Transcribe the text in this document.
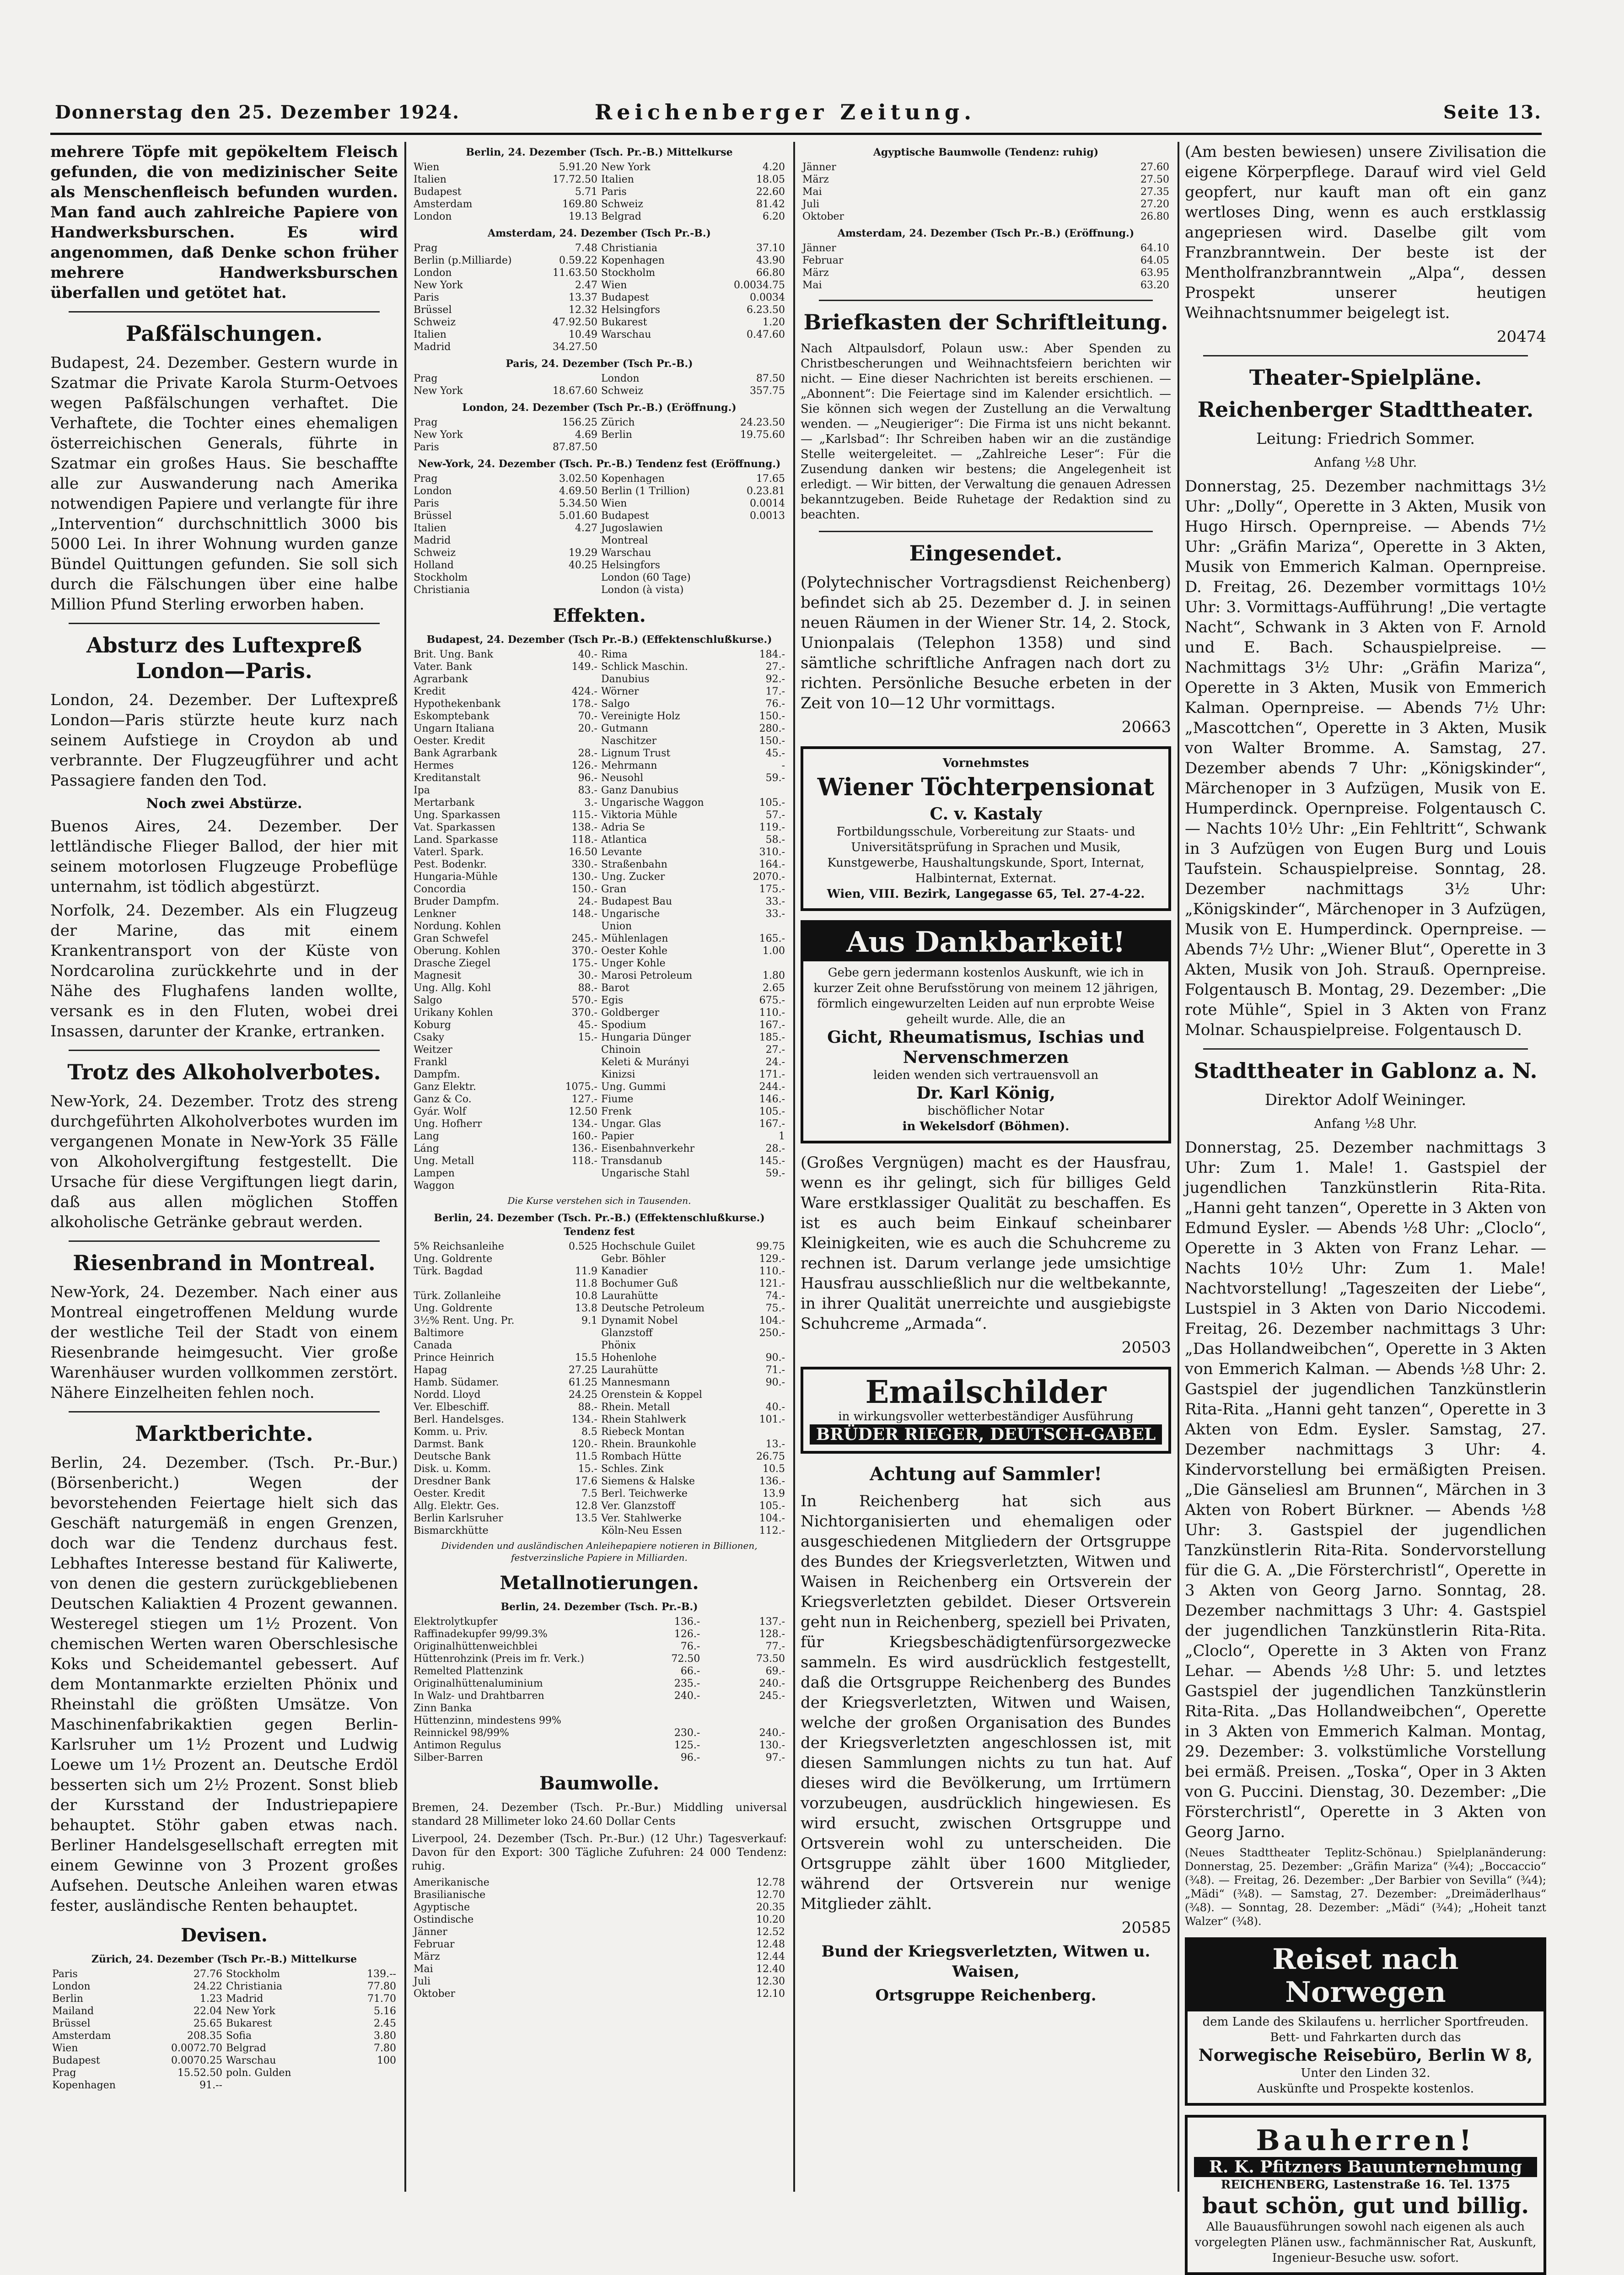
Donnerstag den 25. Dezember 1924.	Reichenberger Zeitung.	Seite 13.

mehrere Töpfe mit gepökeltem Fleisch gefunden, die von medizinischer Seite als Menschenfleisch befunden wurden. Man fand auch zahlreiche Papiere von Handwerksburschen. Es wird angenommen, daß Denke schon früher mehrere Handwerksburschen überfallen und getötet hat.

Paßfälschungen.

Budapest, 24. Dezember. Gestern wurde in Szatmar die Private Karola Sturm-Oetvoes wegen Paßfälschungen verhaftet. Die Verhaftete, die Tochter eines ehemaligen österreichischen Generals, führte in Szatmar ein großes Haus. Sie beschaffte alle zur Auswanderung nach Amerika notwendigen Papiere und verlangte für ihre „Intervention“ durchschnittlich 3000 bis 5000 Lei. In ihrer Wohnung wurden ganze Bündel Quittungen gefunden. Sie soll sich durch die Fälschungen über eine halbe Million Pfund Sterling erworben haben.

Absturz des Luftexpreß London—Paris.

London, 24. Dezember. Der Luftexpreß London—Paris stürzte heute kurz nach seinem Aufstiege in Croydon ab und verbrannte. Der Flugzeugführer und acht Passagiere fanden den Tod.

Noch zwei Abstürze.

Buenos Aires, 24. Dezember. Der lettländische Flieger Ballod, der hier mit seinem motorlosen Flugzeuge Probeflüge unternahm, ist tödlich abgestürzt.

Norfolk, 24. Dezember. Als ein Flugzeug der Marine, das mit einem Krankentransport von der Küste von Nordcarolina zurückkehrte und in der Nähe des Flughafens landen wollte, versank es in den Fluten, wobei drei Insassen, darunter der Kranke, ertranken.

Trotz des Alkoholverbotes.

New-York, 24. Dezember. Trotz des streng durchgeführten Alkoholverbotes wurden im vergangenen Monate in New-York 35 Fälle von Alkoholvergiftung festgestellt. Die Ursache für diese Vergiftungen liegt darin, daß aus allen möglichen Stoffen alkoholische Getränke gebraut werden.

Riesenbrand in Montreal.

New-York, 24. Dezember. Nach einer aus Montreal eingetroffenen Meldung wurde der westliche Teil der Stadt von einem Riesenbrande heimgesucht. Vier große Warenhäuser wurden vollkommen zerstört. Nähere Einzelheiten fehlen noch.

Marktberichte.

Berlin, 24. Dezember. (Tsch. Pr.-Bur.) (Börsenbericht.) Wegen der bevorstehenden Feiertage hielt sich das Geschäft naturgemäß in engen Grenzen, doch war die Tendenz durchaus fest. Lebhaftes Interesse bestand für Kaliwerte, von denen die gestern zurückgebliebenen Deutschen Kaliaktien 4 Prozent gewannen. Westeregel stiegen um 1½ Prozent. Von chemischen Werten waren Oberschlesische Koks und Scheidemantel gebessert. Auf dem Montanmarkte erzielten Phönix und Rheinstahl die größten Umsätze. Von Maschinenfabrikaktien gegen Berlin-Karlsruher um 1½ Prozent und Ludwig Loewe um 1½ Prozent an. Deutsche Erdöl besserten sich um 2½ Prozent. Sonst blieb der Kursstand der Industriepapiere behauptet. Stöhr gaben etwas nach. Berliner Handelsgesellschaft erregten mit einem Gewinne von 3 Prozent großes Aufsehen. Deutsche Anleihen waren etwas fester, ausländische Renten behauptet.

Devisen.
Zürich, 24. Dezember (Tsch Pr.-B.) Mittelkurse
Paris	27.76	Stockholm	139.--
London	24.22	Christiania	77.80
Berlin	1.23	Madrid	71.70
Mailand	22.04	New York	5.16
Brüssel	25.65	Bukarest	2.45
Amsterdam	208.35	Sofia	3.80
Wien	0.0072.70	Belgrad	7.80
Budapest	0.0070.25	Warschau	100
Prag	15.52.50	poln. Gulden	
Kopenhagen	91.--		
Berlin, 24. Dezember (Tsch. Pr.-B.) Mittelkurse
Wien	5.91.20	New York	4.20
Italien	17.72.50	Italien	18.05
Budapest	5.71	Paris	22.60
Amsterdam	169.80	Schweiz	81.42
London	19.13	Belgrad	6.20
Amsterdam, 24. Dezember (Tsch Pr.-B.)
Prag	7.48	Christiania	37.10
Berlin (p.Milliarde)	0.59.22	Kopenhagen	43.90
London	11.63.50	Stockholm	66.80
New York	2.47	Wien	0.0034.75
Paris	13.37	Budapest	0.0034
Brüssel	12.32	Helsingfors	6.23.50
Schweiz	47.92.50	Bukarest	1.20
Italien	10.49	Warschau	0.47.60
Madrid	34.27.50		
Paris, 24. Dezember (Tsch Pr.-B.)
Prag		London	87.50
New York	18.67.60	Schweiz	357.75
London, 24. Dezember (Tsch Pr.-B.) (Eröffnung.)
Prag	156.25	Zürich	24.23.50
New York	4.69	Berlin	19.75.60
Paris	87.87.50		
New-York, 24. Dezember (Tsch. Pr.-B.) Tendenz fest (Eröffnung.)
Prag	3.02.50	Kopenhagen	17.65
London	4.69.50	Berlin (1 Trillion)	0.23.81
Paris	5.34.50	Wien	0.0014
Brüssel	5.01.60	Budapest	0.0013
Italien	4.27	Jugoslawien	
Madrid		Montreal	
Schweiz	19.29	Warschau	
Holland	40.25	Helsingfors	
Stockholm		London (60 Tage)	
Christiania		London (à vista)	
Effekten.
Budapest, 24. Dezember (Tsch Pr.-B.) (Effektenschlußkurse.)
Brit. Ung. Bank	40.-	Rima	184.-
Vater. Bank	149.-	Schlick Maschin.	27.-
Agrarbank		Danubius	92.-
Kredit	424.-	Wörner	17.-
Hypothekenbank	178.-	Salgo	76.-
Eskomptebank	70.-	Vereinigte Holz	150.-
Ungarn Italiana	20.-	Gutmann	280.-
Oester. Kredit		Naschitzer	150.-
Bank Agrarbank	28.-	Lignum Trust	45.-
Hermes	126.-	Mehrmann	-
Kreditanstalt	96.-	Neusohl	59.-
Ipa	83.-	Ganz Danubius	
Mertarbank	3.-	Ungarische Waggon	105.-
Ung. Sparkassen	115.-	Viktoria Mühle	57.-
Vat. Sparkassen	138.-	Adria Se	119.-
Land. Sparkasse	118.-	Atlantica	58.-
Vaterl. Spark.	16.50	Levante	310.-
Pest. Bodenkr.	330.-	Straßenbahn	164.-
Hungaria-Mühle	130.-	Ung. Zucker	2070.-
Concordia	150.-	Gran	175.-
Bruder Dampfm.	24.-	Budapest Bau	33.-
Lenkner	148.-	Ungarische	33.-
Nordung. Kohlen		Union	
Gran Schwefel	245.-	Mühlenlagen	165.-
Oberung. Kohlen	370.-	Oester Kohle	1.00
Drasche Ziegel	175.-	Unger Kohle	
Magnesit	30.-	Marosi Petroleum	1.80
Ung. Allg. Kohl	88.-	Barot	2.65
Salgo	570.-	Egis	675.-
Urikany Kohlen	370.-	Goldberger	110.-
Koburg	45.-	Spodium	167.-
Csaky	15.-	Hungaria Dünger	185.-
Weitzer		Chinoin	27.-
Frankl		Keleti & Murányi	24.-
Dampfm.		Kinizsi	171.-
Ganz Elektr.	1075.-	Ung. Gummi	244.-
Ganz & Co.	127.-	Fiume	146.-
Gyár. Wolf	12.50	Frenk	105.-
Ung. Hofherr	134.-	Ungar. Glas	167.-
Lang	160.-	Papier	1
Láng	136.-	Eisenbahnverkehr	28.-
Ung. Metall	118.-	Transdanub	145.-
Lampen		Ungarische Stahl	59.-
Waggon			
Die Kurse verstehen sich in Tausenden.
Berlin, 24. Dezember (Tsch. Pr.-B.) (Effektenschlußkurse.) Tendenz fest
5% Reichsanleihe	0.525	Hochschule Guilet	99.75
Ung. Goldrente		Gebr. Böhler	129.-
Türk. Bagdad	11.9	Kanadier	110.-
	11.8	Bochumer Guß	121.-
Türk. Zollanleihe	10.8	Laurahütte	74.-
Ung. Goldrente	13.8	Deutsche Petroleum	75.-
3½% Rent. Ung. Pr.	9.1	Dynamit Nobel	104.-
Baltimore		Glanzstoff	250.-
Canada		Phönix	
Prince Heinrich	15.5	Hohenlohe	90.-
Hapag	27.25	Laurahütte	71.-
Hamb. Südamer.	61.25	Mannesmann	90.-
Nordd. Lloyd	24.25	Orenstein & Koppel	
Ver. Elbeschiff.	88.-	Rhein. Metall	40.-
Berl. Handelsges.	134.-	Rhein Stahlwerk	101.-
Komm. u. Priv.	8.5	Riebeck Montan	
Darmst. Bank	120.-	Rhein. Braunkohle	13.-
Deutsche Bank	11.5	Rombach Hütte	26.75
Disk. u. Komm.	15.-	Schles. Zink	10.5
Dresdner Bank	17.6	Siemens & Halske	136.-
Oester. Kredit	7.5	Berl. Teichwerke	13.9
Allg. Elektr. Ges.	12.8	Ver. Glanzstoff	105.-
Berlin Karlsruher	13.5	Ver. Stahlwerke	104.-
Bismarckhütte		Köln-Neu Essen	112.-
Dividenden und ausländischen Anleihepapiere notieren in Billionen, festverzinsliche Papiere in Milliarden.
Metallnotierungen.
Berlin, 24. Dezember (Tsch. Pr.-B.)
Elektrolytkupfer	136.-	137.-
Raffinadekupfer 99/99.3%	126.-	128.-
Originalhüttenweichblei	76.-	77.-
Hüttenrohzink (Preis im fr. Verk.)	72.50	73.50
Remelted Plattenzink	66.-	69.-
Originalhüttenaluminium	235.-	240.-
In Walz- und Drahtbarren	240.-	245.-
Zinn Banka		
Hüttenzinn, mindestens 99%		
Reinnickel 98/99%	230.-	240.-
Antimon Regulus	125.-	130.-
Silber-Barren	96.-	97.-
Baumwolle.

Bremen, 24. Dezember (Tsch. Pr.-Bur.) Middling universal standard 28 Millimeter loko 24.60 Dollar Cents

Liverpool, 24. Dezember (Tsch. Pr.-Bur.) (12 Uhr.) Tagesverkauf: Davon für den Export: 300 Tägliche Zufuhren: 24 000 Tendenz: ruhig.

Amerikanische		12.78
Brasilianische		12.70
Agyptische		20.35
Ostindische		10.20
Jänner		12.52
Februar		12.48
März		12.44
Mai		12.40
Juli		12.30
Oktober		12.10
Agyptische Baumwolle (Tendenz: ruhig)
Jänner	27.60
März	27.50
Mai	27.35
Juli	27.20
Oktober	26.80
Amsterdam, 24. Dezember (Tsch Pr.-B.) (Eröffnung.)
Jänner	64.10
Februar	64.05
März	63.95
Mai	63.20
Briefkasten der Schriftleitung.

Nach Altpaulsdorf, Polaun usw.: Aber Spenden zu Christbescherungen und Weihnachtsfeiern berichten wir nicht. — Eine dieser Nachrichten ist bereits erschienen. — „Abonnent“: Die Feiertage sind im Kalender ersichtlich. — Sie können sich wegen der Zustellung an die Verwaltung wenden. — „Neugieriger“: Die Firma ist uns nicht bekannt. — „Karlsbad“: Ihr Schreiben haben wir an die zuständige Stelle weitergeleitet. — „Zahlreiche Leser“: Für die Zusendung danken wir bestens; die Angelegenheit ist erledigt. — Wir bitten, der Verwaltung die genauen Adressen bekanntzugeben. Beide Ruhetage der Redaktion sind zu beachten.

Eingesendet.

(Polytechnischer Vortragsdienst Reichenberg) befindet sich ab 25. Dezember d. J. in seinen neuen Räumen in der Wiener Str. 14, 2. Stock, Unionpalais (Telephon 1358) und sind sämtliche schriftliche Anfragen nach dort zu richten. Persönliche Besuche erbeten in der Zeit von 10—12 Uhr vormittags.

20663

Vornehmstes
Wiener Töchterpensionat
C. v. Kastaly
Fortbildungsschule, Vorbereitung zur Staats- und Universitätsprüfung in Sprachen und Musik, Kunstgewerbe, Haushaltungskunde, Sport, Internat, Halbinternat, Externat.
Wien, VIII. Bezirk, Langegasse 65, Tel. 27-4-22.
Aus Dankbarkeit!
Gebe gern jedermann kostenlos Auskunft, wie ich in kurzer Zeit ohne Berufsstörung von meinem 12 jährigen, förmlich eingewurzelten Leiden auf nun erprobte Weise geheilt wurde. Alle, die an
Gicht, Rheumatismus, Ischias und Nervenschmerzen
leiden wenden sich vertrauensvoll an
Dr. Karl König,
bischöflicher Notar
in Wekelsdorf (Böhmen).

(Großes Vergnügen) macht es der Hausfrau, wenn es ihr gelingt, sich für billiges Geld Ware erstklassiger Qualität zu beschaffen. Es ist es auch beim Einkauf scheinbarer Kleinigkeiten, wie es auch die Schuhcreme zu rechnen ist. Darum verlange jede umsichtige Hausfrau ausschließlich nur die weltbekannte, in ihrer Qualität unerreichte und ausgiebigste Schuhcreme „Armada“.

20503

Emailschilder
in wirkungsvoller wetterbeständiger Ausführung
BRÜDER RIEGER, DEUTSCH-GABEL
Achtung auf Sammler!

In Reichenberg hat sich aus Nichtorganisierten und ehemaligen oder ausgeschiedenen Mitgliedern der Ortsgruppe des Bundes der Kriegsverletzten, Witwen und Waisen in Reichenberg ein Ortsverein der Kriegsverletzten gebildet. Dieser Ortsverein geht nun in Reichenberg, speziell bei Privaten, für Kriegsbeschädigtenfürsorgezwecke sammeln. Es wird ausdrücklich festgestellt, daß die Ortsgruppe Reichenberg des Bundes der Kriegsverletzten, Witwen und Waisen, welche der großen Organisation des Bundes der Kriegsverletzten angeschlossen ist, mit diesen Sammlungen nichts zu tun hat. Auf dieses wird die Bevölkerung, um Irrtümern vorzubeugen, ausdrücklich hingewiesen. Es wird ersucht, zwischen Ortsgruppe und Ortsverein wohl zu unterscheiden. Die Ortsgruppe zählt über 1600 Mitglieder, während der Ortsverein nur wenige Mitglieder zählt.

20585

Bund der Kriegsverletzten, Witwen u. Waisen,

Ortsgruppe Reichenberg.

(Am besten bewiesen) unsere Zivilisation die eigene Körperpflege. Darauf wird viel Geld geopfert, nur kauft man oft ein ganz wertloses Ding, wenn es auch erstklassig angepriesen wird. Daselbe gilt vom Franzbranntwein. Der beste ist der Mentholfranzbranntwein „Alpa“, dessen Prospekt unserer heutigen Weihnachtsnummer beigelegt ist.

20474

Theater-Spielpläne.
Reichenberger Stadttheater.

Leitung: Friedrich Sommer.

Anfang ½8 Uhr.

Donnerstag, 25. Dezember nachmittags 3½ Uhr: „Dolly“, Operette in 3 Akten, Musik von Hugo Hirsch. Opernpreise. — Abends 7½ Uhr: „Gräfin Mariza“, Operette in 3 Akten, Musik von Emmerich Kalman. Opernpreise. D. Freitag, 26. Dezember vormittags 10½ Uhr: 3. Vormittags-Aufführung! „Die vertagte Nacht“, Schwank in 3 Akten von F. Arnold und E. Bach. Schauspielpreise. — Nachmittags 3½ Uhr: „Gräfin Mariza“, Operette in 3 Akten, Musik von Emmerich Kalman. Opernpreise. — Abends 7½ Uhr: „Mascottchen“, Operette in 3 Akten, Musik von Walter Bromme. A. Samstag, 27. Dezember abends 7 Uhr: „Königskinder“, Märchenoper in 3 Aufzügen, Musik von E. Humperdinck. Opernpreise. Folgentausch C. — Nachts 10½ Uhr: „Ein Fehltritt“, Schwank in 3 Aufzügen von Eugen Burg und Louis Taufstein. Schauspielpreise. Sonntag, 28. Dezember nachmittags 3½ Uhr: „Königskinder“, Märchenoper in 3 Aufzügen, Musik von E. Humperdinck. Opernpreise. — Abends 7½ Uhr: „Wiener Blut“, Operette in 3 Akten, Musik von Joh. Strauß. Opernpreise. Folgentausch B. Montag, 29. Dezember: „Die rote Mühle“, Spiel in 3 Akten von Franz Molnar. Schauspielpreise. Folgentausch D.

Stadttheater in Gablonz a. N.

Direktor Adolf Weininger.

Anfang ½8 Uhr.

Donnerstag, 25. Dezember nachmittags 3 Uhr: Zum 1. Male! 1. Gastspiel der jugendlichen Tanzkünstlerin Rita-Rita. „Hanni geht tanzen“, Operette in 3 Akten von Edmund Eysler. — Abends ½8 Uhr: „Cloclo“, Operette in 3 Akten von Franz Lehar. — Nachts 10½ Uhr: Zum 1. Male! Nachtvorstellung! „Tageszeiten der Liebe“, Lustspiel in 3 Akten von Dario Niccodemi. Freitag, 26. Dezember nachmittags 3 Uhr: „Das Hollandweibchen“, Operette in 3 Akten von Emmerich Kalman. — Abends ½8 Uhr: 2. Gastspiel der jugendlichen Tanzkünstlerin Rita-Rita. „Hanni geht tanzen“, Operette in 3 Akten von Edm. Eysler. Samstag, 27. Dezember nachmittags 3 Uhr: 4. Kindervorstellung bei ermäßigten Preisen. „Die Gänseliesl am Brunnen“, Märchen in 3 Akten von Robert Bürkner. — Abends ½8 Uhr: 3. Gastspiel der jugendlichen Tanzkünstlerin Rita-Rita. Sondervorstellung für die G. A. „Die Försterchristl“, Operette in 3 Akten von Georg Jarno. Sonntag, 28. Dezember nachmittags 3 Uhr: 4. Gastspiel der jugendlichen Tanzkünstlerin Rita-Rita. „Cloclo“, Operette in 3 Akten von Franz Lehar. — Abends ½8 Uhr: 5. und letztes Gastspiel der jugendlichen Tanzkünstlerin Rita-Rita. „Das Hollandweibchen“, Operette in 3 Akten von Emmerich Kalman. Montag, 29. Dezember: 3. volkstümliche Vorstellung bei ermäß. Preisen. „Toska“, Oper in 3 Akten von G. Puccini. Dienstag, 30. Dezember: „Die Försterchristl“, Operette in 3 Akten von Georg Jarno.

(Neues Stadttheater Teplitz-Schönau.) Spielplanänderung: Donnerstag, 25. Dezember: „Gräfin Mariza“ (¾4); „Boccaccio“ (¾8). — Freitag, 26. Dezember: „Der Barbier von Sevilla“ (¾4); „Mädi“ (¾8). — Samstag, 27. Dezember: „Dreimäderlhaus“ (¾8). — Sonntag, 28. Dezember: „Mädi“ (¾4); „Hoheit tanzt Walzer“ (¾8).

Reiset nach Norwegen
dem Lande des Skilaufens u. herrlicher Sportfreuden.
Bett- und Fahrkarten durch das
Norwegische Reisebüro, Berlin W 8,
Unter den Linden 32.
Auskünfte und Prospekte kostenlos.
Bauherren!
R. K. Pfitzners Bauunternehmung
REICHENBERG, Lastenstraße 16. Tel. 1375
baut schön, gut und billig.
Alle Bauausführungen sowohl nach eigenen als auch vorgelegten Plänen usw., fachmännischer Rat, Auskunft, Ingenieur-Besuche usw. sofort.
